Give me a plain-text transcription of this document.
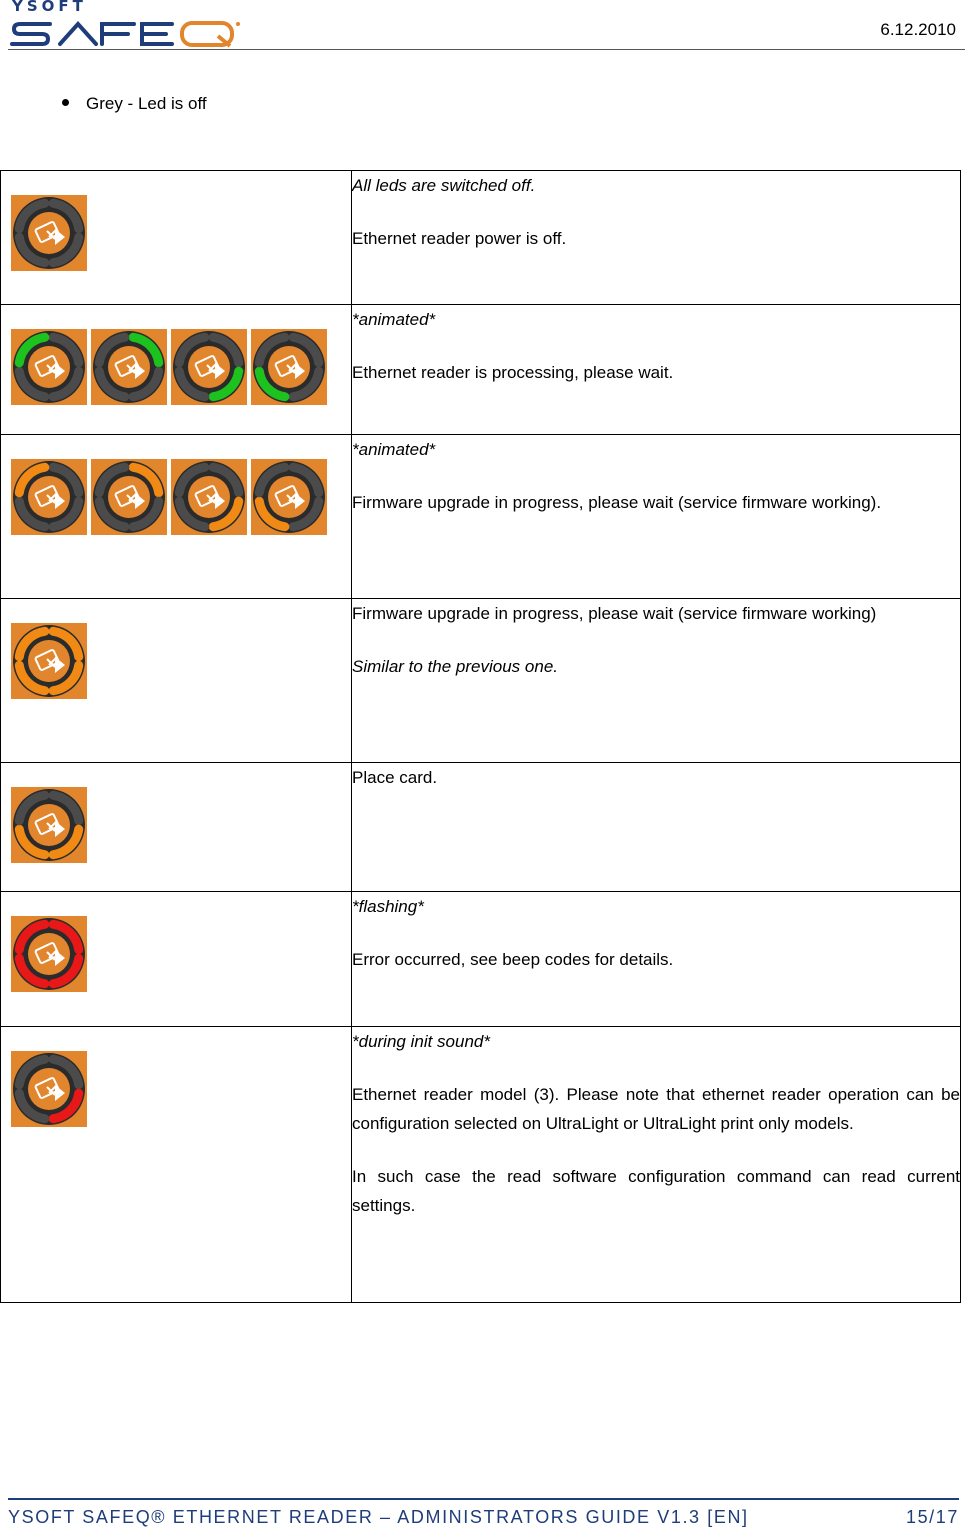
YSOFT
6.12.2010
Grey - Led is off

All leds are switched off.

Ethernet reader power is off.

*animated*

Ethernet reader is processing, please wait.

*animated*

Firmware upgrade in progress, please wait (service firmware working).

Firmware upgrade in progress, please wait (service firmware working)

Similar to the previous one.

Place card.

*flashing*

Error occurred, see beep codes for details.

*during init sound*

Ethernet reader model (3). Please note that ethernet reader operation can be configuration selected on UltraLight or UltraLight print only models.

In such case the read software configuration command can read current settings.

YSOFT SAFEQ® ETHERNET READER – ADMINISTRATORS GUIDE V1.3 [EN]	15/17
